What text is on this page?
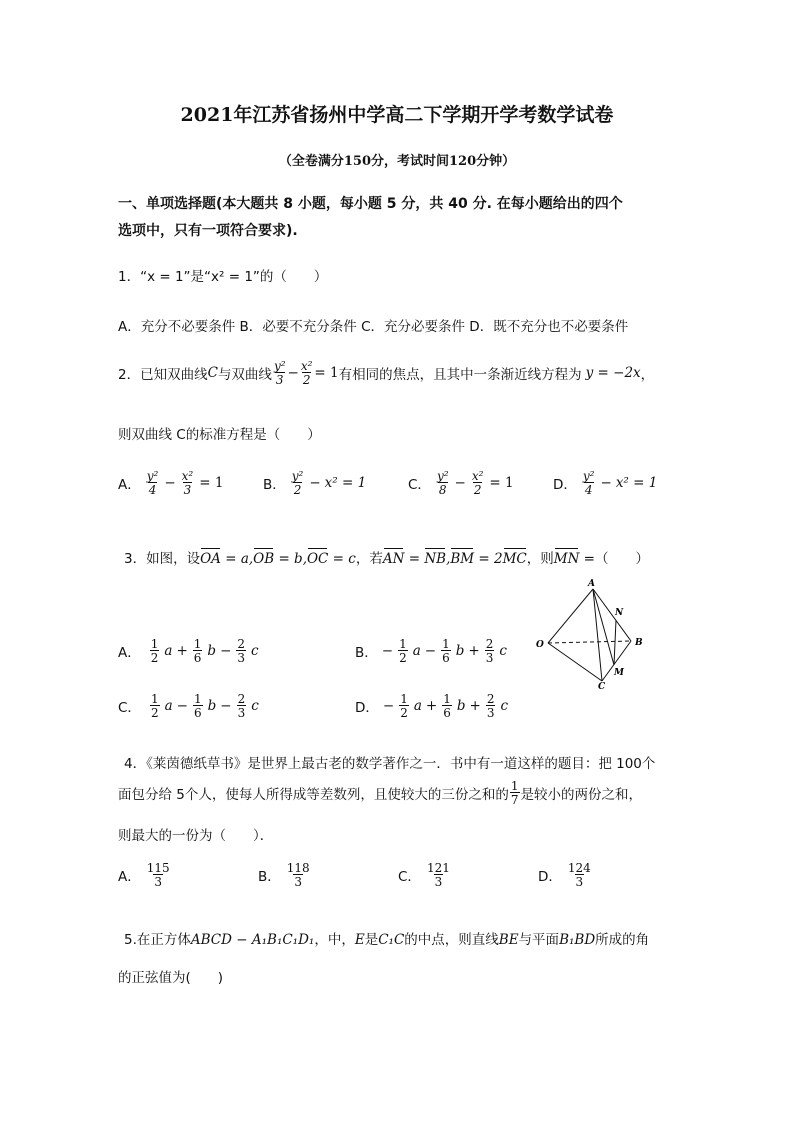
2021年江苏省扬州中学高二下学期开学考数学试卷
（全卷满分150分，考试时间120分钟）
一、单项选择题(本大题共 8 小题，每小题 5 分，共 40 分. 在每小题给出的四个
选项中，只有一项符合要求).
1．“x = 1”是“x² = 1”的（　　）
A．充分不必要条件 B．必要不充分条件 C．充分必要条件 D．既不充分也不必要条件
2．已知双曲线 C 与双曲线 $\frac{\text{y²}}{3} - \frac{\text{x²}}{2} = 1$ 有相同的焦点，且其中一条渐近线方程为 y = −2x ，
则双曲线 C的标准方程是（　　）
A． $\frac{\text{y²}}{4} - \frac{\text{x²}}{3} = 1$	B． $\frac{\text{y²}}{2} - x^2 = 1$	C． $\frac{\text{y²}}{8} - \frac{\text{x²}}{2} = 1$	D． $\frac{\text{y²}}{4} - x^2 = 1$
3．如图，设OA = a,OB = b,OC = c，若AN = NB,BM = 2MC，则MN =（　　）
A． $\frac{1}{2}$ $a + \frac{1}{6}$ $b - \frac{2}{3}$ c	B． − $\frac{1}{2}$ $a - \frac{1}{6}$ $b + \frac{2}{3}$ c
C． $\frac{1}{2}$ $a - \frac{1}{6}$ $b - \frac{2}{3}$ c	D． − $\frac{1}{2}$ $a + \frac{1}{6}$ $b + \frac{2}{3}$ c
A
N
B
O
M
C
4．《莱茵德纸草书》是世界上最古老的数学著作之一．书中有一道这样的题目：把 100个
面包分给 5个人，使每人所得成等差数列，且使较大的三份之和的 $\frac{1}{7}$ 是较小的两份之和，
则最大的一份为（　　）．
A． $\frac{115}{3}$	B． $\frac{118}{3}$	C． $\frac{121}{3}$	D． $\frac{124}{3}$
5.在正方体ABCD − A₁B₁C₁D₁，中，E是C₁C的中点，则直线BE与平面B₁BD所成的角
的正弦值为(　　)
